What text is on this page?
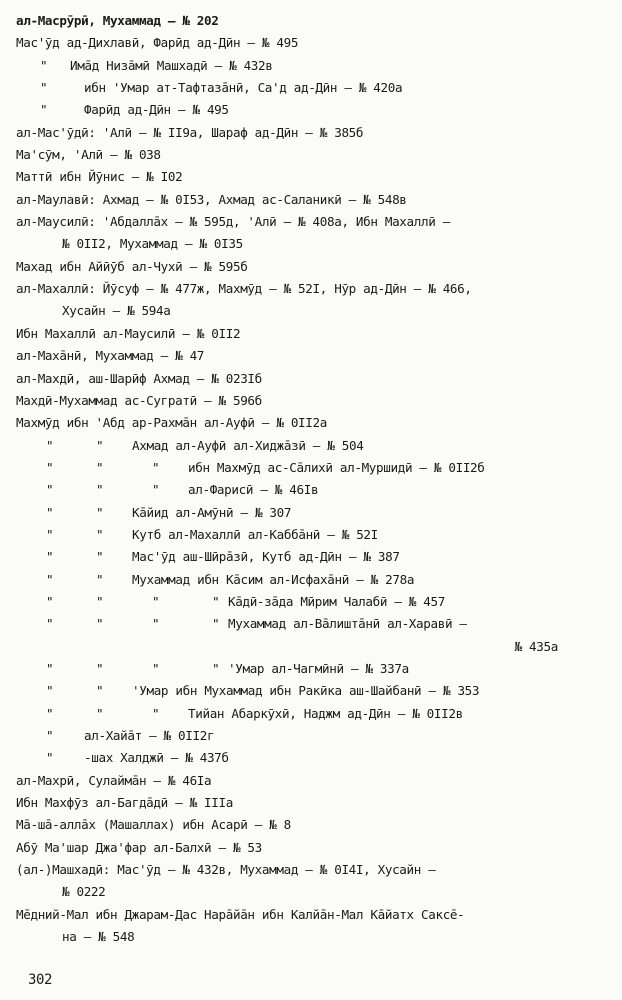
ал-Масрӯрӣ, Мухаммад – № 202
Мас'ӯд ад-Дихлавӣ, Фарӣд ад-Дӣн – № 495
" Имāд Низāмӣ Машхадӣ – № 432в
"	ибн 'Умар ат-Тафтазāнӣ, Са'д ад-Дӣн – № 420а
"	Фарӣд ад-Дӣн – № 495
ал-Мас'ӯдӣ: 'Алӣ – № II9а, Шараф ад-Дӣн – № 385б
Ма'сӯм, 'Алӣ – № 038
Маттӣ ибн Йӯнис – № I02
ал-Маулавӣ: Ахмад – № 0I53, Ахмад ас-Саланикӣ – № 548в
ал-Маусилӣ: 'Абдаллāх – № 595д, 'Алӣ – № 408а, Ибн Махаллӣ –
№ 0II2, Мухаммад – № 0I35
Махад ибн Айӣӯб ал-Чухӣ – № 595б
ал-Махаллӣ: Йӯсуф – № 477ж, Махмӯд – № 52I, Нӯр ад-Дӣн – № 466,
Хусайн – № 594а
Ибн Махаллӣ ал-Маусилӣ – № 0II2
ал-Махāнӣ, Мухаммад – № 47
ал-Махдӣ, аш-Шарӣф Ахмад – № 023Iб
Махдӣ-Мухаммад ас-Сугратӣ – № 596б
Махмӯд ибн 'Абд ар-Рахмāн ал-Ауфӣ – № 0II2а
"	" Ахмад ал-Ауфӣ ал-Хиджāзӣ – № 504
"	"	" ибн Махмӯд ас-Сāлихӣ ал-Муршидӣ – № 0II2б
"	"	" ал-Фарисӣ – № 46Iв
"	" Кāйид ал-Амӯнӣ – № 307
"	" Кутб ал-Махаллӣ ал-Каббāнӣ – № 52I
"	" Мас'ӯд аш-Шӣрāзӣ, Кутб ад-Дӣн – № 387
"	" Мухаммад ибн Кāсим ал-Исфахāнӣ – № 278а
"	"	"	" Кāдӣ-зāда Мӣрим Чалабӣ – № 457
"	"	"	" Мухаммад ал-Вāлиштāнӣ ал-Харавӣ –
№ 435а
"	"	"	" 'Умар ал-Чагмӣнӣ – № 337а
"	" 'Умар ибн Мухаммад ибн Ракӣка аш-Шайбанӣ – № 353
"	"	" Тийан Абаркӯхӣ, Наджм ад-Дӣн – № 0II2в
" ал-Хайāт – № 0II2г
" -шах Халджӣ – № 437б
ал-Махрӣ, Сулаймāн – № 46Iа
Ибн Махфӯз ал-Багдāдӣ – № IIIа
Мā-шā-аллāх (Машаллах) ибн Асарӣ – № 8
Абӯ Ма'шар Джа'фар ал-Балхӣ – № 53
(ал-)Машхадӣ: Мас'ӯд – № 432в, Мухаммад – № 0I4I, Хусайн –
№ 0222
Мēдний-Мал ибн Джарам-Дас Нарāйāн ибн Калйāн-Мал Кāйатх Саксē-
на – № 548
302
